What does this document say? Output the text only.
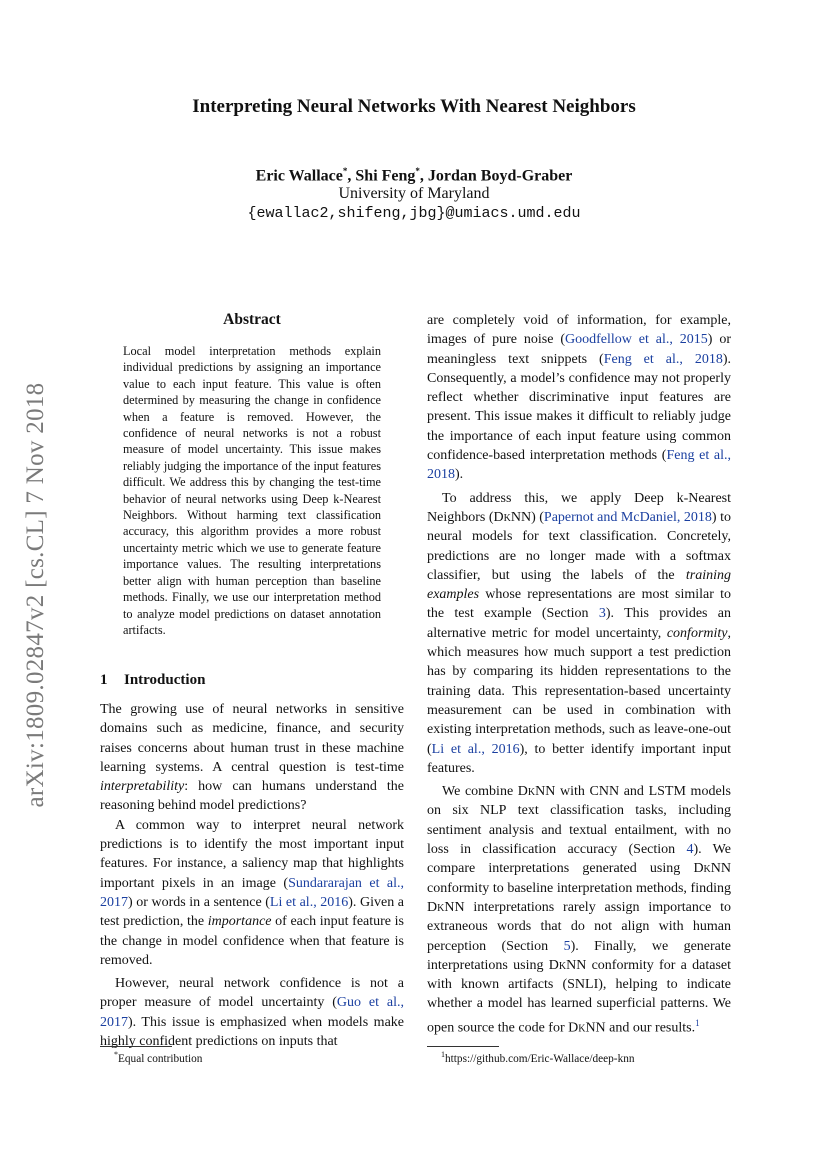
arXiv:1809.02847v2 [cs.CL] 7 Nov 2018
Interpreting Neural Networks With Nearest Neighbors
Eric Wallace*, Shi Feng*, Jordan Boyd-Graber
University of Maryland
{ewallac2,shifeng,jbg}@umiacs.umd.edu
Abstract
Local model interpretation methods explain individual predictions by assigning an importance value to each input feature. This value is often determined by measuring the change in confidence when a feature is removed. However, the confidence of neural networks is not a robust measure of model uncertainty. This issue makes reliably judging the importance of the input features difficult. We address this by changing the test-time behavior of neural networks using Deep k-Nearest Neighbors. Without harming text classification accuracy, this algorithm provides a more robust uncertainty metric which we use to generate feature importance values. The resulting interpretations better align with human perception than baseline methods. Finally, we use our interpretation method to analyze model predictions on dataset annotation artifacts.
1 Introduction

The growing use of neural networks in sensitive domains such as medicine, finance, and security raises concerns about human trust in these machine learning systems. A central question is test-time interpretability: how can humans understand the reasoning behind model predictions?

A common way to interpret neural network predictions is to identify the most important input features. For instance, a saliency map that highlights important pixels in an image (Sundararajan et al., 2017) or words in a sentence (Li et al., 2016). Given a test prediction, the importance of each input feature is the change in model confidence when that feature is removed.

However, neural network confidence is not a proper measure of model uncertainty (Guo et al., 2017). This issue is emphasized when models make highly confident predictions on inputs that

are completely void of information, for example, images of pure noise (Goodfellow et al., 2015) or meaningless text snippets (Feng et al., 2018). Consequently, a model’s confidence may not properly reflect whether discriminative input features are present. This issue makes it difficult to reliably judge the importance of each input feature using common confidence-based interpretation methods (Feng et al., 2018).

To address this, we apply Deep k-Nearest Neighbors (DkNN) (Papernot and McDaniel, 2018) to neural models for text classification. Concretely, predictions are no longer made with a softmax classifier, but using the labels of the training examples whose representations are most similar to the test example (Section 3). This provides an alternative metric for model uncertainty, conformity, which measures how much support a test prediction has by comparing its hidden representations to the training data. This representation-based uncertainty measurement can be used in combination with existing interpretation methods, such as leave-one-out (Li et al., 2016), to better identify important input features.

We combine DkNN with CNN and LSTM models on six NLP text classification tasks, including sentiment analysis and textual entailment, with no loss in classification accuracy (Section 4). We compare interpretations generated using DkNN conformity to baseline interpretation methods, finding DkNN interpretations rarely assign importance to extraneous words that do not align with human perception (Section 5). Finally, we generate interpretations using DkNN conformity for a dataset with known artifacts (SNLI), helping to indicate whether a model has learned superficial patterns. We open source the code for DkNN and our results.$^1$

*Equal contribution	$^1$https://github.com/Eric-Wallace/deep-knn
